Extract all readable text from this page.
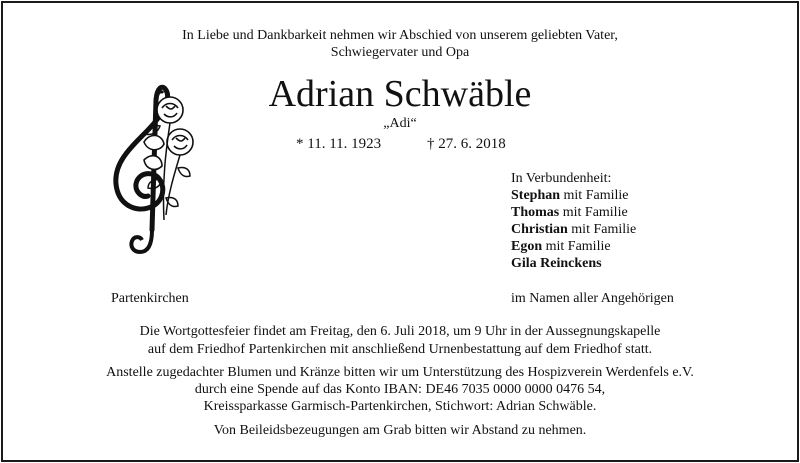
In Liebe und Dankbarkeit nehmen wir Abschied von unserem geliebten Vater,
Schwiegervater und Opa
Adrian Schwäble
„Adi“
* 11. 11. 1923	† 27. 6. 2018
In Verbundenheit:
Stephan mit Familie
Thomas mit Familie
Christian mit Familie
Egon mit Familie
Gila Reinckens
Partenkirchen	im Namen aller Angehörigen
Die Wortgottesfeier findet am Freitag, den 6. Juli 2018, um 9 Uhr in der Aussegnungskapelle
auf dem Friedhof Partenkirchen mit anschließend Urnenbestattung auf dem Friedhof statt.
Anstelle zugedachter Blumen und Kränze bitten wir um Unterstützung des Hospizverein Werdenfels e.V.
durch eine Spende auf das Konto IBAN: DE46 7035 0000 0000 0476 54,
Kreissparkasse Garmisch-Partenkirchen, Stichwort: Adrian Schwäble.
Von Beileidsbezeugungen am Grab bitten wir Abstand zu nehmen.
